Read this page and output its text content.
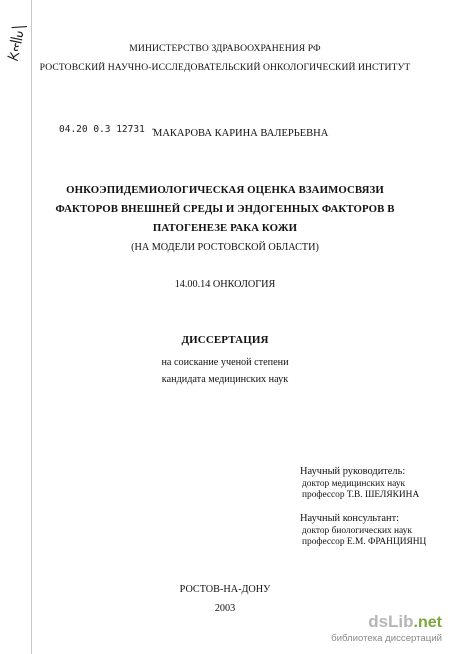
МИНИСТЕРСТВО ЗДРАВООХРАНЕНИЯ РФ
РОСТОВСКИЙ НАУЧНО-ИССЛЕДОВАТЕЛЬСКИЙ ОНКОЛОГИЧЕСКИЙ ИНСТИТУТ
04.20 0.3 12731 -
МАКАРОВА КАРИНА ВАЛЕРЬЕВНА
ОНКОЭПИДЕМИОЛОГИЧЕСКАЯ ОЦЕНКА ВЗАИМОСВЯЗИ
ФАКТОРОВ ВНЕШНЕЙ СРЕДЫ И ЭНДОГЕННЫХ ФАКТОРОВ В
ПАТОГЕНЕЗЕ РАКА КОЖИ
(НА МОДЕЛИ РОСТОВСКОЙ ОБЛАСТИ)
14.00.14 ОНКОЛОГИЯ
ДИССЕРТАЦИЯ
на соискание ученой степени
кандидата медицинских наук
Научный руководитель:
доктор медицинских наук
профессор Т.В. ШЕЛЯКИНА
Научный консультант:
доктор биологических наук
профессор Е.М. ФРАНЦИЯНЦ
РОСТОВ-НА-ДОНУ
2003
dsLib.net
библиотека диссертаций
